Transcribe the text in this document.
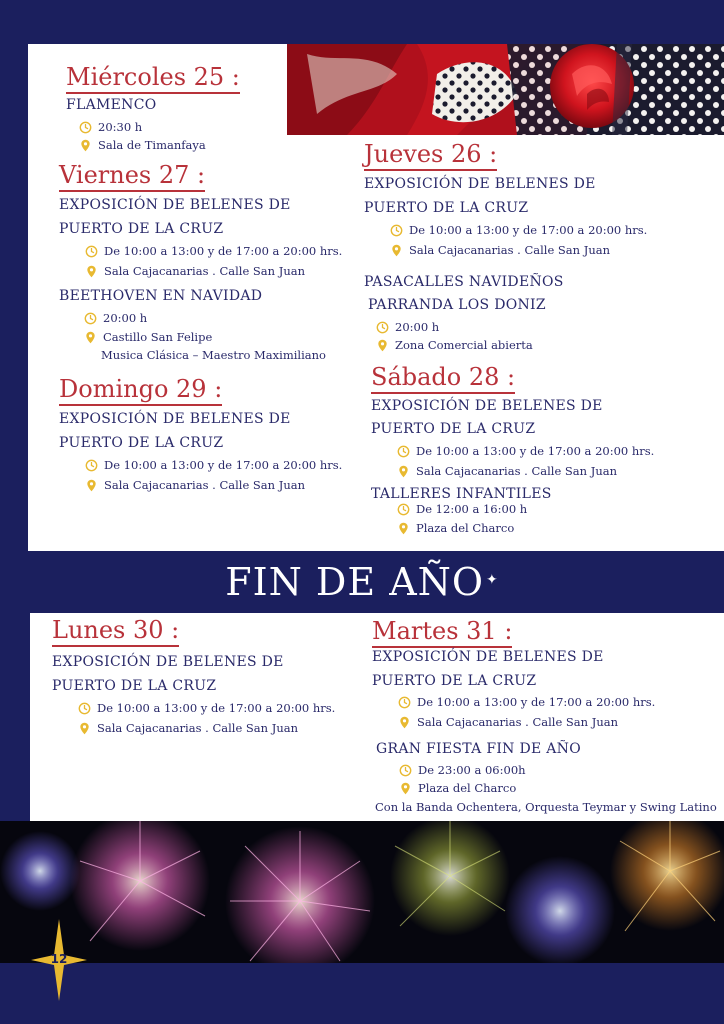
Miércoles 25 :
FLAMENCO
20:30 h
Sala de Timanfaya
Viernes 27 :
EXPOSICIÓN DE BELENES DE
PUERTO DE LA CRUZ
De 10:00 a 13:00 y de 17:00 a 20:00 hrs.
Sala Cajacanarias . Calle San Juan
BEETHOVEN EN NAVIDAD
20:00 h
Castillo San Felipe
Musica Clásica – Maestro Maximiliano
Domingo 29 :
EXPOSICIÓN DE BELENES DE
PUERTO DE LA CRUZ
De 10:00 a 13:00 y de 17:00 a 20:00 hrs.
Sala Cajacanarias . Calle San Juan
Jueves 26 :
EXPOSICIÓN DE BELENES DE
PUERTO DE LA CRUZ
De 10:00 a 13:00 y de 17:00 a 20:00 hrs.
Sala Cajacanarias . Calle San Juan
PASACALLES NAVIDEÑOS
PARRANDA LOS DONIZ
20:00 h
Zona Comercial abierta
Sábado 28 :
EXPOSICIÓN DE BELENES DE
PUERTO DE LA CRUZ
De 10:00 a 13:00 y de 17:00 a 20:00 hrs.
Sala Cajacanarias . Calle San Juan
TALLERES INFANTILES
De 12:00 a 16:00 h
Plaza del Charco
FIN DE AÑO ✦
Lunes 30 :
EXPOSICIÓN DE BELENES DE
PUERTO DE LA CRUZ
De 10:00 a 13:00 y de 17:00 a 20:00 hrs.
Sala Cajacanarias . Calle San Juan
Martes 31 :
EXPOSICIÓN DE BELENES DE
PUERTO DE LA CRUZ
De 10:00 a 13:00 y de 17:00 a 20:00 hrs.
Sala Cajacanarias . Calle San Juan
GRAN FIESTA FIN DE AÑO
De 23:00 a 06:00h
Plaza del Charco
Con la Banda Ochentera, Orquesta Teymar y Swing Latino
12
